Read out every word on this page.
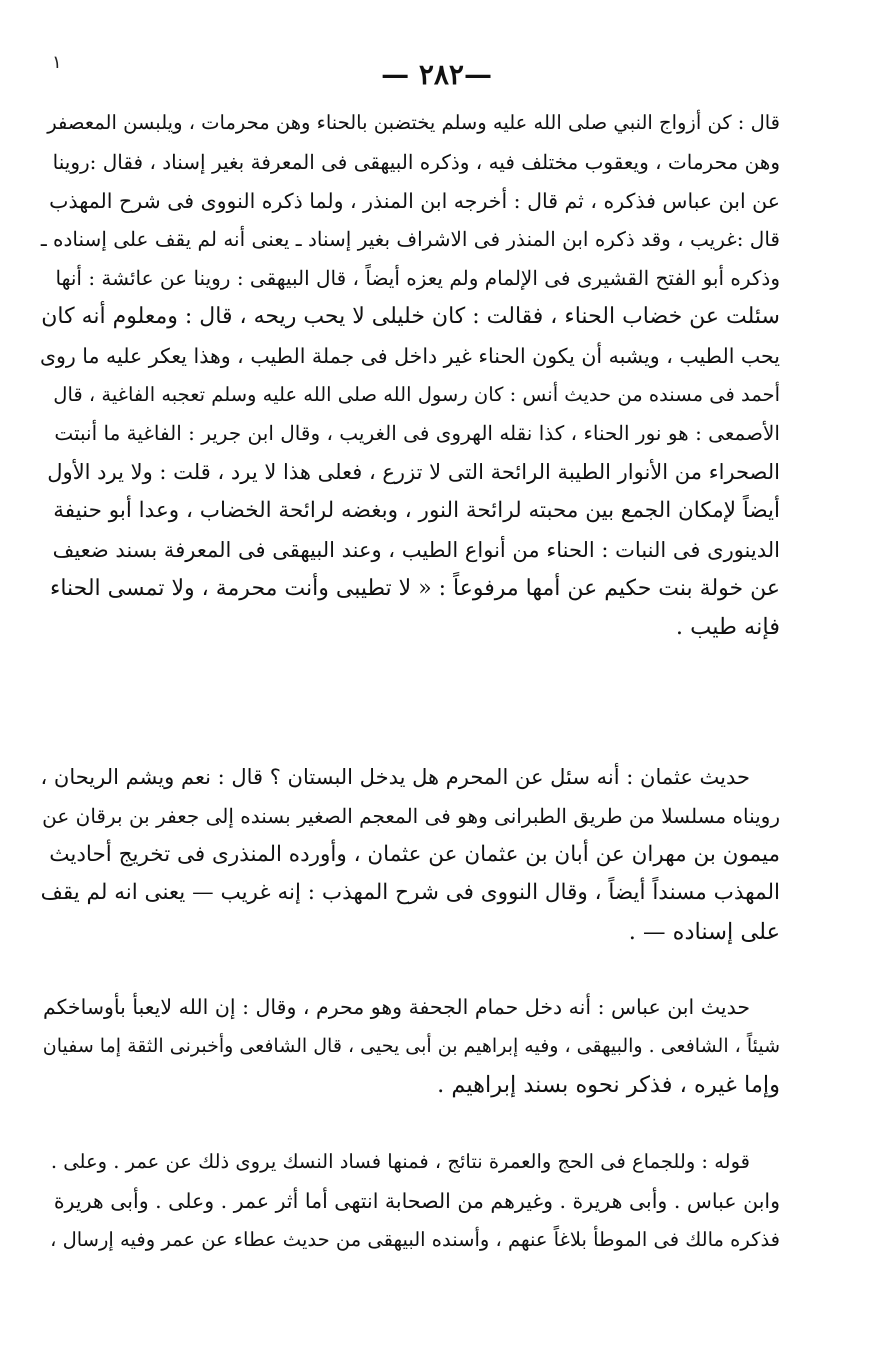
١	— ٢٨٢—
قال : كن أزواج النبي صلى الله عليه وسلم يختضبن بالحناء وهن محرمات ، ويلبسن المعصفر
وهن محرمات ، ويعقوب مختلف فيه ، وذكره البيهقى فى المعرفة بغير إسناد ، فقال :روينا
عن ابن عباس فذكره ، ثم قال : أخرجه ابن المنذر ، ولما ذكره النووى فى شرح المهذب
قال :غريب ، وقد ذكره ابن المنذر فى الاشراف بغير إسناد ـ يعنى أنه لم يقف على إسناده ـ
وذكره أبو الفتح القشيرى فى الإلمام ولم يعزه أيضاً ، قال البيهقى : روينا عن عائشة : أنها
سئلت عن خضاب الحناء ، فقالت : كان خليلى لا يحب ريحه ، قال : ومعلوم أنه كان
يحب الطيب ، ويشبه أن يكون الحناء غير داخل فى جملة الطيب ، وهذا يعكر عليه ما روى
أحمد فى مسنده من حديث أنس : كان رسول الله صلى الله عليه وسلم تعجبه الفاغية ، قال
الأصمعى : هو نور الحناء ، كذا نقله الهروى فى الغريب ، وقال ابن جرير : الفاغية ما أنبتت
الصحراء من الأنوار الطيبة الرائحة التى لا تزرع ، فعلى هذا لا يرد ، قلت : ولا يرد الأول
أيضاً لإمكان الجمع بين محبته لرائحة النور ، وبغضه لرائحة الخضاب ، وعدا أبو حنيفة
الدينورى فى النبات : الحناء من أنواع الطيب ، وعند البيهقى فى المعرفة بسند ضعيف
عن خولة بنت حكيم عن أمها مرفوعاً : « لا تطيبى وأنت محرمة ، ولا تمسى الحناء
فإنه طيب .
حديث عثمان : أنه سئل عن المحرم هل يدخل البستان ؟ قال : نعم ويشم الريحان ،
رويناه مسلسلا من طريق الطبرانى وهو فى المعجم الصغير بسنده إلى جعفر بن برقان عن
ميمون بن مهران عن أبان بن عثمان عن عثمان ، وأورده المنذرى فى تخريج أحاديث
المهذب مسنداً أيضاً ، وقال النووى فى شرح المهذب : إنه غريب — يعنى انه لم يقف
على إسناده — .
حديث ابن عباس : أنه دخل حمام الجحفة وهو محرم ، وقال : إن الله لايعبأ بأوساخكم
شيئاً ، الشافعى . والبيهقى ، وفيه إبراهيم بن أبى يحيى ، قال الشافعى وأخبرنى الثقة إما سفيان
وإما غيره ، فذكر نحوه بسند إبراهيم .
قوله : وللجماع فى الحج والعمرة نتائج ، فمنها فساد النسك يروى ذلك عن عمر . وعلى .
وابن عباس . وأبى هريرة . وغيرهم من الصحابة انتهى أما أثر عمر . وعلى . وأبى هريرة
فذكره مالك فى الموطأ بلاغاً عنهم ، وأسنده البيهقى من حديث عطاء عن عمر وفيه إرسال ،
